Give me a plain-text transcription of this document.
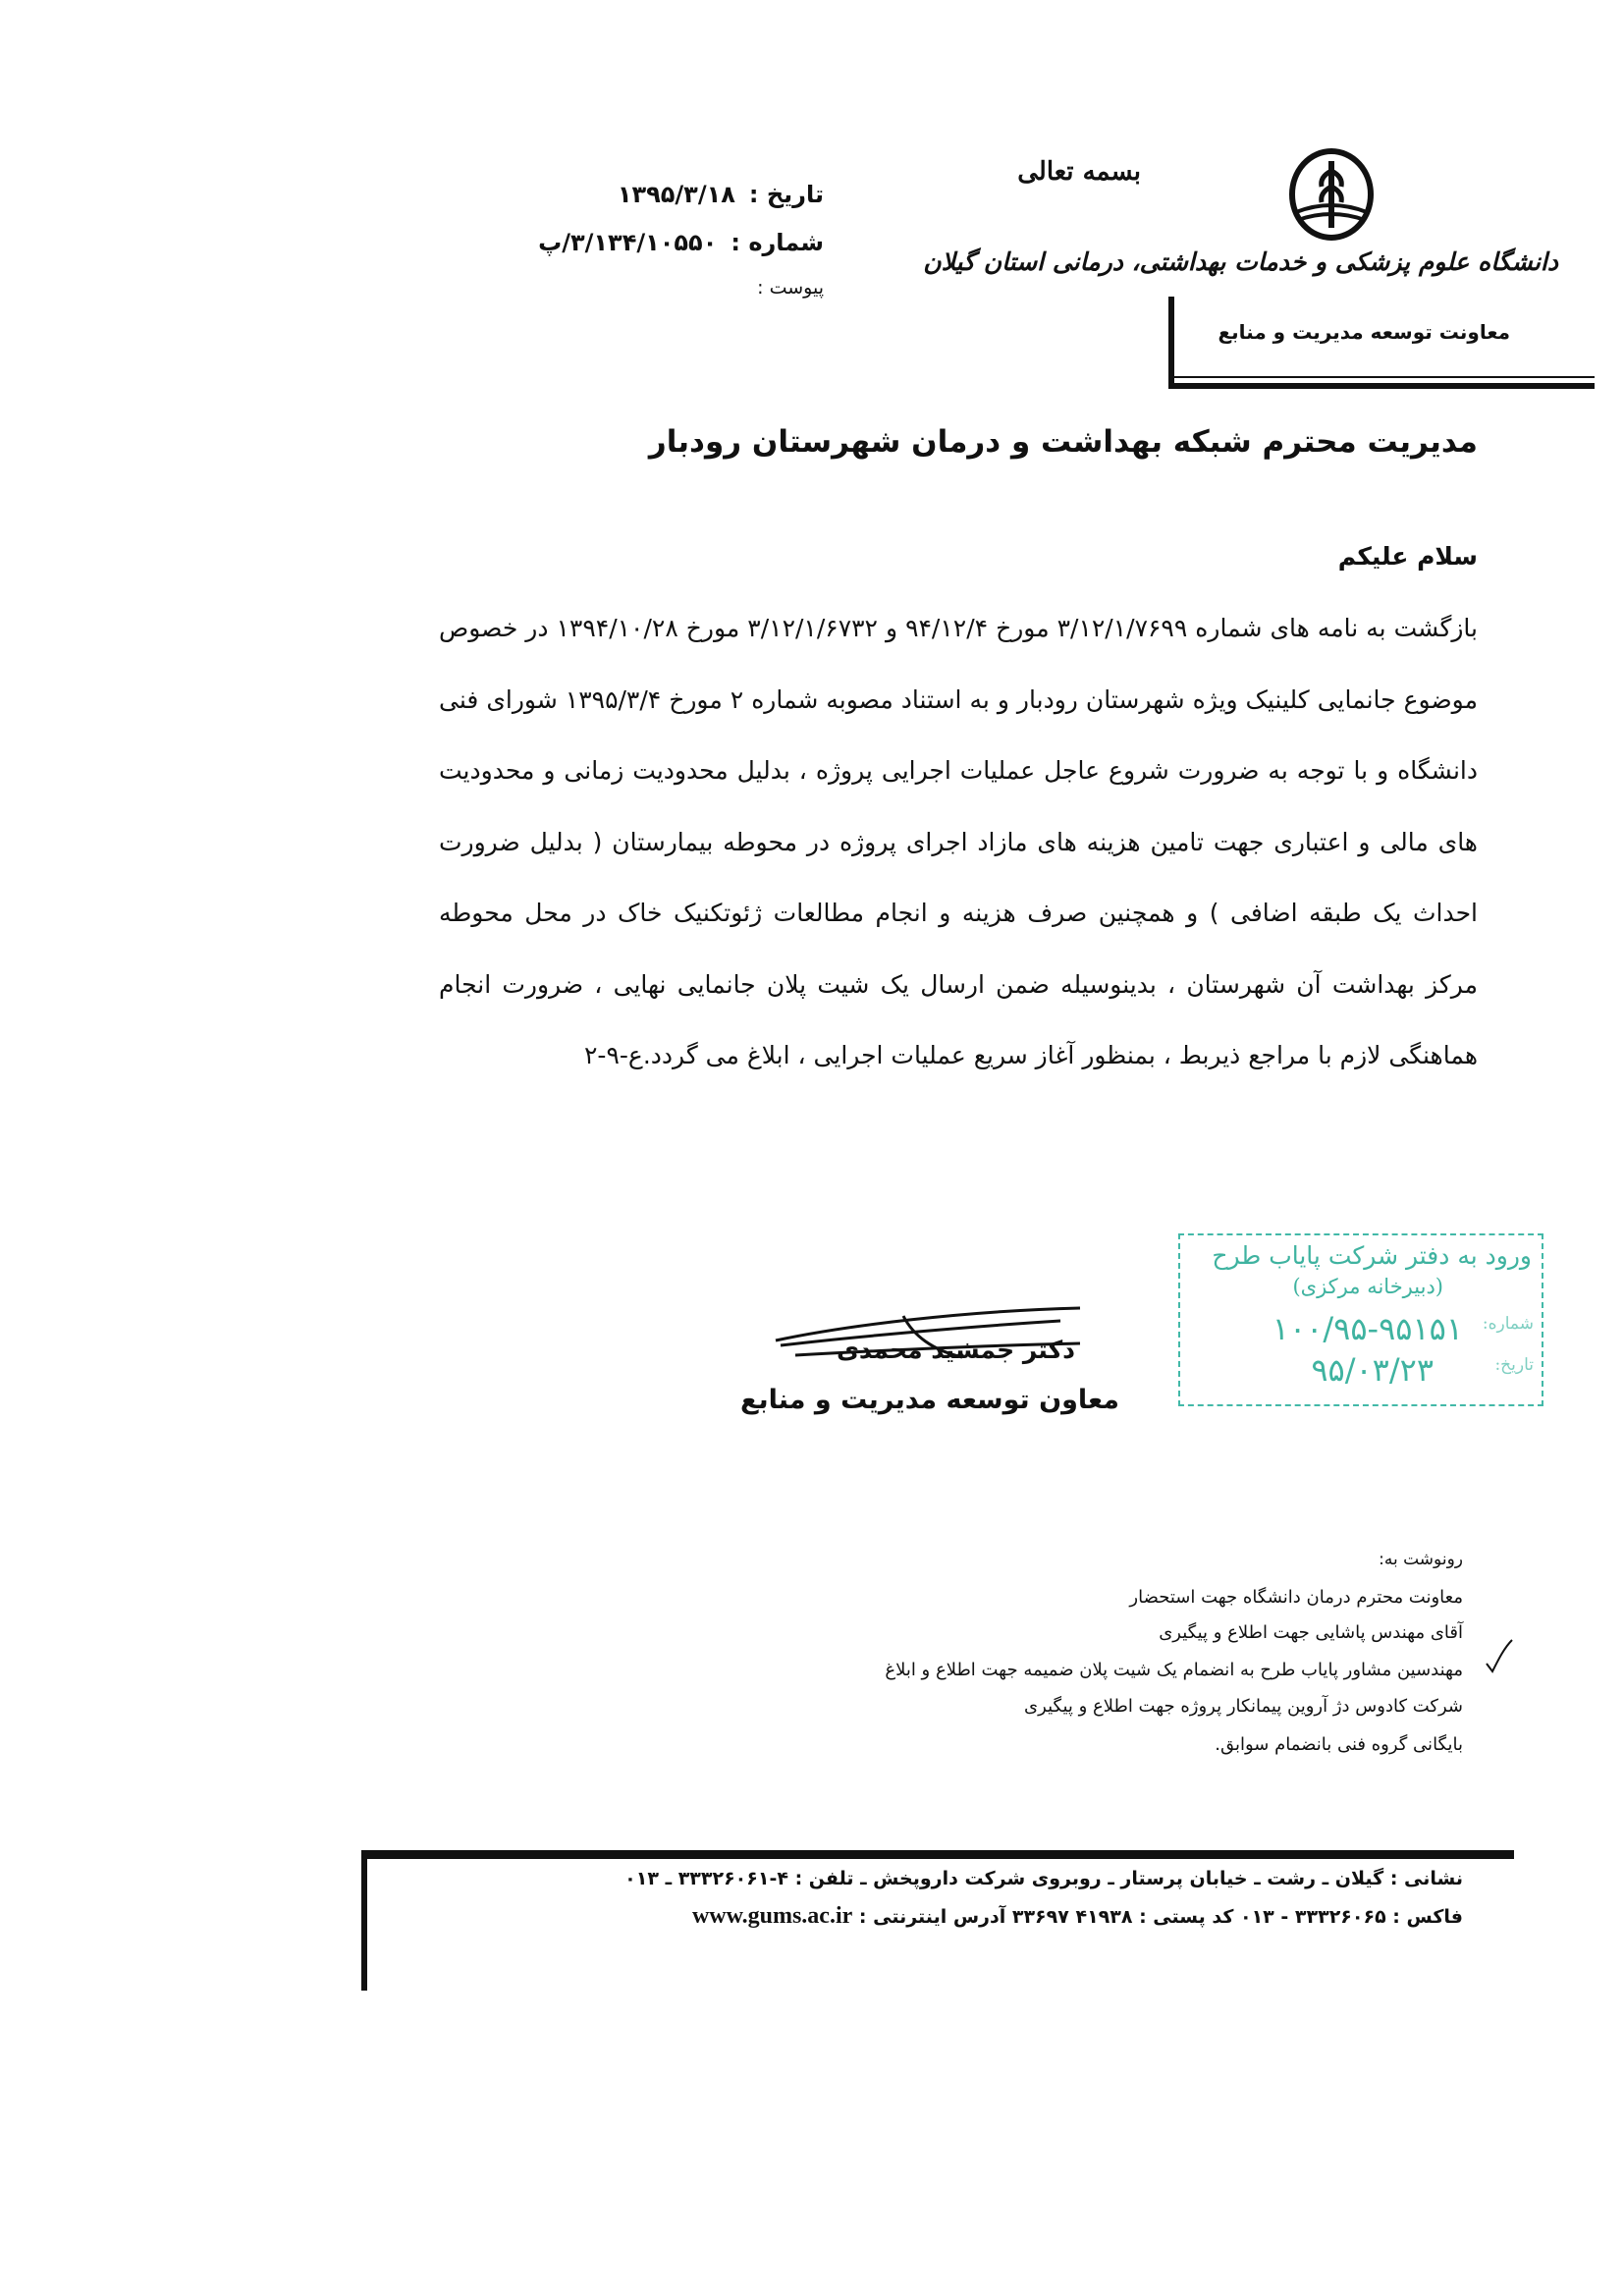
بسمه تعالی
دانشگاه علوم پزشکی و خدمات بهداشتی، درمانی استان گیلان
معاونت توسعه مدیریت و منابع
تاریخ :۱۳۹۵/۳/۱۸
شماره :۳/۱۳۴/۱۰۵۵۰/پ
پیوست :
مدیریت محترم شبکه بهداشت و درمان شهرستان رودبار
سلام علیکم
بازگشت به نامه های شماره ۳/۱۲/۱/۷۶۹۹ مورخ ۹۴/۱۲/۴ و ۳/۱۲/۱/۶۷۳۲ مورخ ۱۳۹۴/۱۰/۲۸ در خصوص موضوع جانمایی کلینیک ویژه شهرستان رودبار و به استناد مصوبه شماره ۲ مورخ ۱۳۹۵/۳/۴ شورای فنی دانشگاه و با توجه به ضرورت شروع عاجل عملیات اجرایی پروژه ، بدلیل محدودیت زمانی و محدودیت های مالی و اعتباری جهت تامین هزینه های مازاد اجرای پروژه در محوطه بیمارستان ( بدلیل ضرورت احداث یک طبقه اضافی ) و همچنین صرف هزینه و انجام مطالعات ژئوتکنیک خاک در محل محوطه مرکز بهداشت آن شهرستان ، بدینوسیله ضمن ارسال یک شیت پلان جانمایی نهایی ، ضرورت انجام هماهنگی لازم با مراجع ذیربط ، بمنظور آغاز سریع عملیات اجرایی ، ابلاغ می گردد.ع-۹-۲
دکتر جمشید محمدی
معاون توسعه مدیریت و منابع
ورود به دفتر شرکت پایاب طرح
(دبیرخانه مرکزی)
شماره:
۱۰۰/۹۵-۹۵۱۵۱
تاریخ:
۹۵/۰۳/۲۳
رونوشت به:
معاونت محترم درمان دانشگاه جهت استحضار
آقای مهندس پاشایی جهت اطلاع و پیگیری
مهندسین مشاور پایاب طرح به انضمام یک شیت پلان ضمیمه جهت اطلاع و ابلاغ
شرکت کادوس دژ آروین پیمانکار پروژه جهت اطلاع و پیگیری
بایگانی گروه فنی بانضمام سوابق.
نشانی : گیلان ـ رشت ـ خیابان پرستار ـ روبروی شرکت داروپخش ـ تلفن : ۴-۳۳۳۲۶۰۶۱ ـ ۰۱۳
فاکس : ۳۳۳۲۶۰۶۵ - ۰۱۳ کد پستی : ۴۱۹۳۸ ۳۳۶۹۷ آدرس اینترنتی : www.gums.ac.ir
